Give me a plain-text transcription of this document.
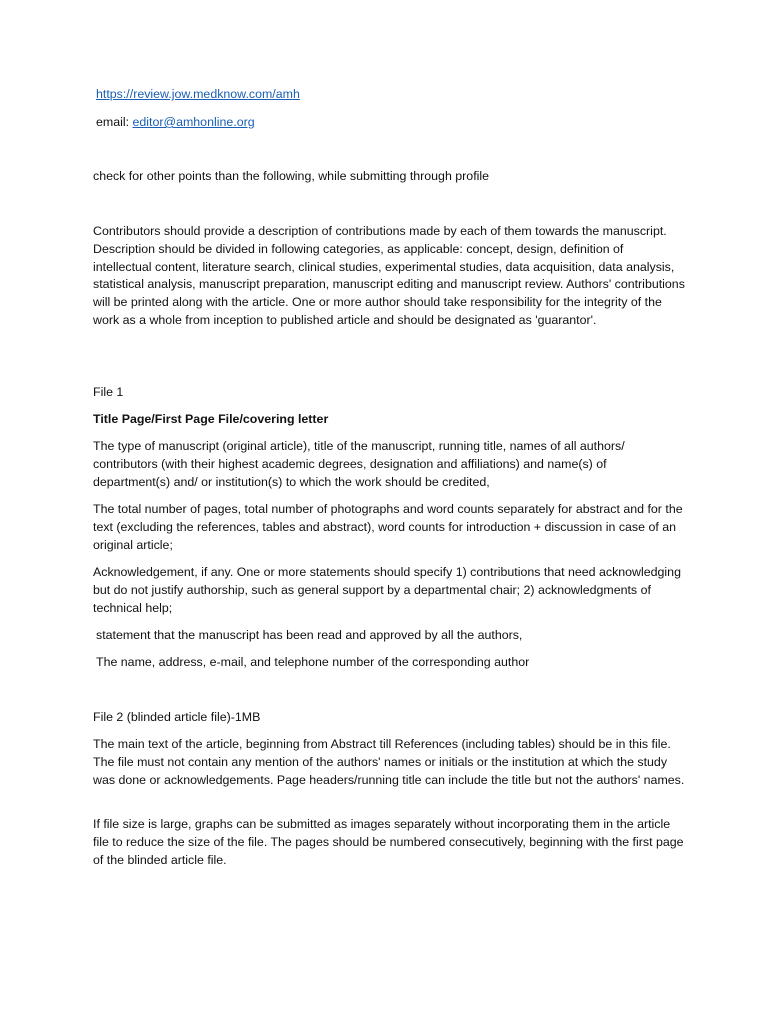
https://review.jow.medknow.com/amh

email: editor@amhonline.org

check for other points than the following, while submitting through profile

Contributors should provide a description of contributions made by each of them towards the manuscript. Description should be divided in following categories, as applicable: concept, design, definition of intellectual content, literature search, clinical studies, experimental studies, data acquisition, data analysis, statistical analysis, manuscript preparation, manuscript editing and manuscript review. Authors' contributions will be printed along with the article. One or more author should take responsibility for the integrity of the work as a whole from inception to published article and should be designated as 'guarantor'.

File 1

Title Page/First Page File/covering letter

The type of manuscript (original article), title of the manuscript, running title, names of all authors/ contributors (with their highest academic degrees, designation and affiliations) and name(s) of department(s) and/ or institution(s) to which the work should be credited,

The total number of pages, total number of photographs and word counts separately for abstract and for the text (excluding the references, tables and abstract), word counts for introduction + discussion in case of an original article;

Acknowledgement, if any. One or more statements should specify 1) contributions that need acknowledging but do not justify authorship, such as general support by a departmental chair; 2) acknowledgments of technical help;

statement that the manuscript has been read and approved by all the authors,

The name, address, e-mail, and telephone number of the corresponding author

File 2 (blinded article file)-1MB

The main text of the article, beginning from Abstract till References (including tables) should be in this file. The file must not contain any mention of the authors' names or initials or the institution at which the study was done or acknowledgements. Page headers/running title can include the title but not the authors' names.

If file size is large, graphs can be submitted as images separately without incorporating them in the article file to reduce the size of the file. The pages should be numbered consecutively, beginning with the first page of the blinded article file.
